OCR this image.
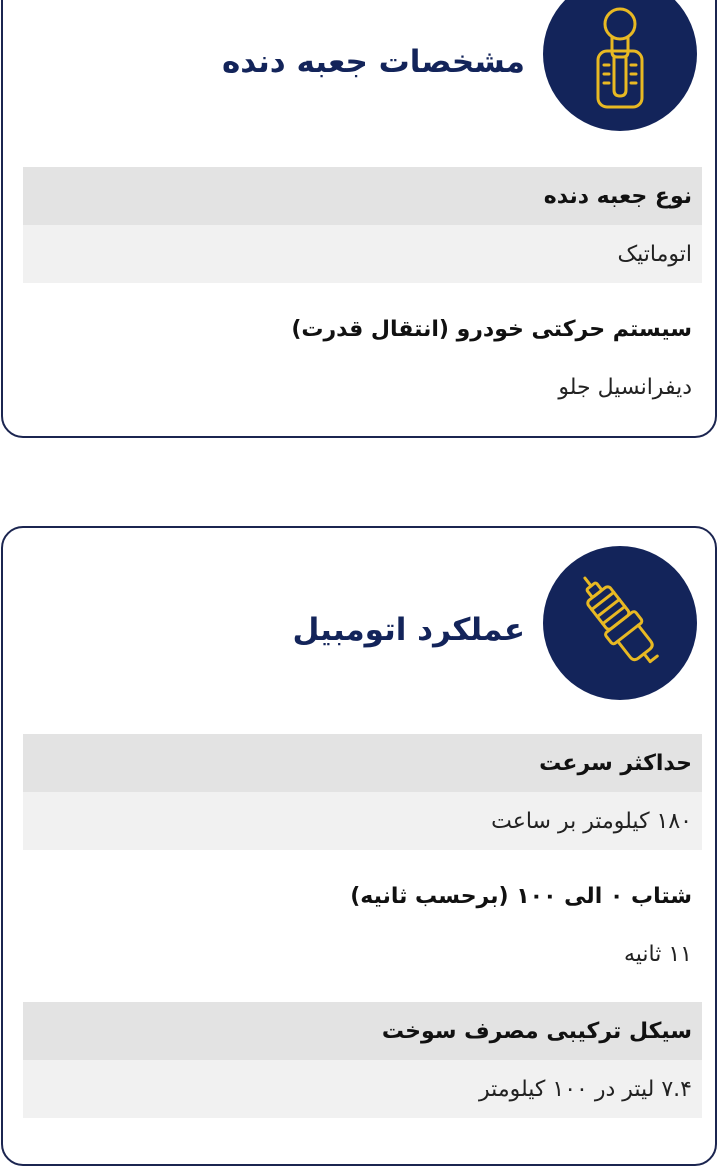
مشخصات جعبه دنده
نوع جعبه دنده
اتوماتیک
سیستم حرکتی خودرو (انتقال قدرت)
دیفرانسیل جلو
عملکرد اتومبیل
حداکثر سرعت
۱۸۰ کیلومتر بر ساعت
شتاب ۰ الی ۱۰۰ (برحسب ثانیه)
۱۱ ثانیه
سیکل ترکیبی مصرف سوخت
۷.۴ لیتر در ۱۰۰ کیلومتر
